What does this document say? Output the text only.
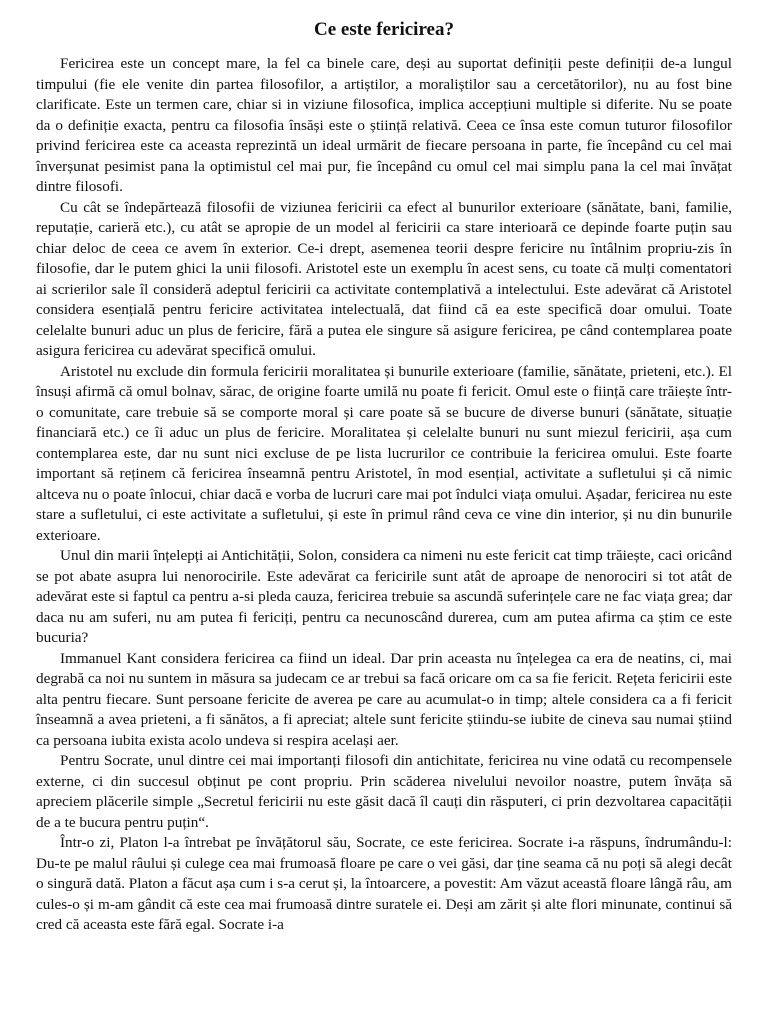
Ce este fericirea?

Fericirea este un concept mare, la fel ca binele care, deși au suportat definiții peste definiții de-a lungul timpului (fie ele venite din partea filosofilor, a artiștilor, a moraliștilor sau a cercetătorilor), nu au fost bine clarificate. Este un termen care, chiar si in viziune filosofica, implica accepțiuni multiple si diferite. Nu se poate da o definiție exacta, pentru ca filosofia însăși este o știință relativă. Ceea ce însa este comun tuturor filosofilor privind fericirea este ca aceasta reprezintă un ideal urmărit de fiecare persoana in parte, fie începând cu cel mai înverșunat pesimist pana la optimistul cel mai pur, fie începând cu omul cel mai simplu pana la cel mai învățat dintre filosofi.

Cu cât se îndepărtează filosofii de viziunea fericirii ca efect al bunurilor exterioare (sănătate, bani, familie, reputație, carieră etc.), cu atât se apropie de un model al fericirii ca stare interioară ce depinde foarte puțin sau chiar deloc de ceea ce avem în exterior. Ce-i drept, asemenea teorii despre fericire nu întâlnim propriu-zis în filosofie, dar le putem ghici la unii filosofi. Aristotel este un exemplu în acest sens, cu toate că mulți comentatori ai scrierilor sale îl consideră adeptul fericirii ca activitate contemplativă a intelectului. Este adevărat că Aristotel considera esențială pentru fericire activitatea intelectuală, dat fiind că ea este specifică doar omului. Toate celelalte bunuri aduc un plus de fericire, fără a putea ele singure să asigure fericirea, pe când contemplarea poate asigura fericirea cu adevărat specifică omului.

Aristotel nu exclude din formula fericirii moralitatea și bunurile exterioare (familie, sănătate, prieteni, etc.). El însuși afirmă că omul bolnav, sărac, de origine foarte umilă nu poate fi fericit. Omul este o ființă care trăiește într-o comunitate, care trebuie să se comporte moral și care poate să se bucure de diverse bunuri (sănătate, situație financiară etc.) ce îi aduc un plus de fericire. Moralitatea și celelalte bunuri nu sunt miezul fericirii, așa cum contemplarea este, dar nu sunt nici excluse de pe lista lucrurilor ce contribuie la fericirea omului. Este foarte important să reținem că fericirea înseamnă pentru Aristotel, în mod esențial, activitate a sufletului și că nimic altceva nu o poate înlocui, chiar dacă e vorba de lucruri care mai pot îndulci viața omului. Așadar, fericirea nu este stare a sufletului, ci este activitate a sufletului, și este în primul rând ceva ce vine din interior, și nu din bunurile exterioare.

Unul din marii înțelepți ai Antichității, Solon, considera ca nimeni nu este fericit cat timp trăiește, caci oricând se pot abate asupra lui nenorocirile. Este adevărat ca fericirile sunt atât de aproape de nenorociri si tot atât de adevărat este si faptul ca pentru a-si pleda cauza, fericirea trebuie sa ascundă suferințele care ne fac viața grea; dar daca nu am suferi, nu am putea fi fericiți, pentru ca necunoscând durerea, cum am putea afirma ca știm ce este bucuria?

Immanuel Kant considera fericirea ca fiind un ideal. Dar prin aceasta nu înțelegea ca era de neatins, ci, mai degrabă ca noi nu suntem in măsura sa judecam ce ar trebui sa facă oricare om ca sa fie fericit. Rețeta fericirii este alta pentru fiecare. Sunt persoane fericite de averea pe care au acumulat-o in timp; altele considera ca a fi fericit înseamnă a avea prieteni, a fi sănătos, a fi apreciat; altele sunt fericite știindu-se iubite de cineva sau numai știind ca persoana iubita exista acolo undeva si respira același aer.

Pentru Socrate, unul dintre cei mai importanți filosofi din antichitate, fericirea nu vine odată cu recompensele externe, ci din succesul obținut pe cont propriu. Prin scăderea nivelului nevoilor noastre, putem învăța să apreciem plăcerile simple „Secretul fericirii nu este găsit dacă îl cauți din răsputeri, ci prin dezvoltarea capacității de a te bucura pentru puțin“.

Într-o zi, Platon l-a întrebat pe învățătorul său, Socrate, ce este fericirea. Socrate i-a răspuns, îndrumându-l: Du-te pe malul râului și culege cea mai frumoasă floare pe care o vei găsi, dar ține seama că nu poți să alegi decât o singură dată. Platon a făcut așa cum i s-a cerut și, la întoarcere, a povestit: Am văzut această floare lângă râu, am cules-o și m-am gândit că este cea mai frumoasă dintre suratele ei. Deși am zărit și alte flori minunate, continui să cred că aceasta este fără egal. Socrate i-a
